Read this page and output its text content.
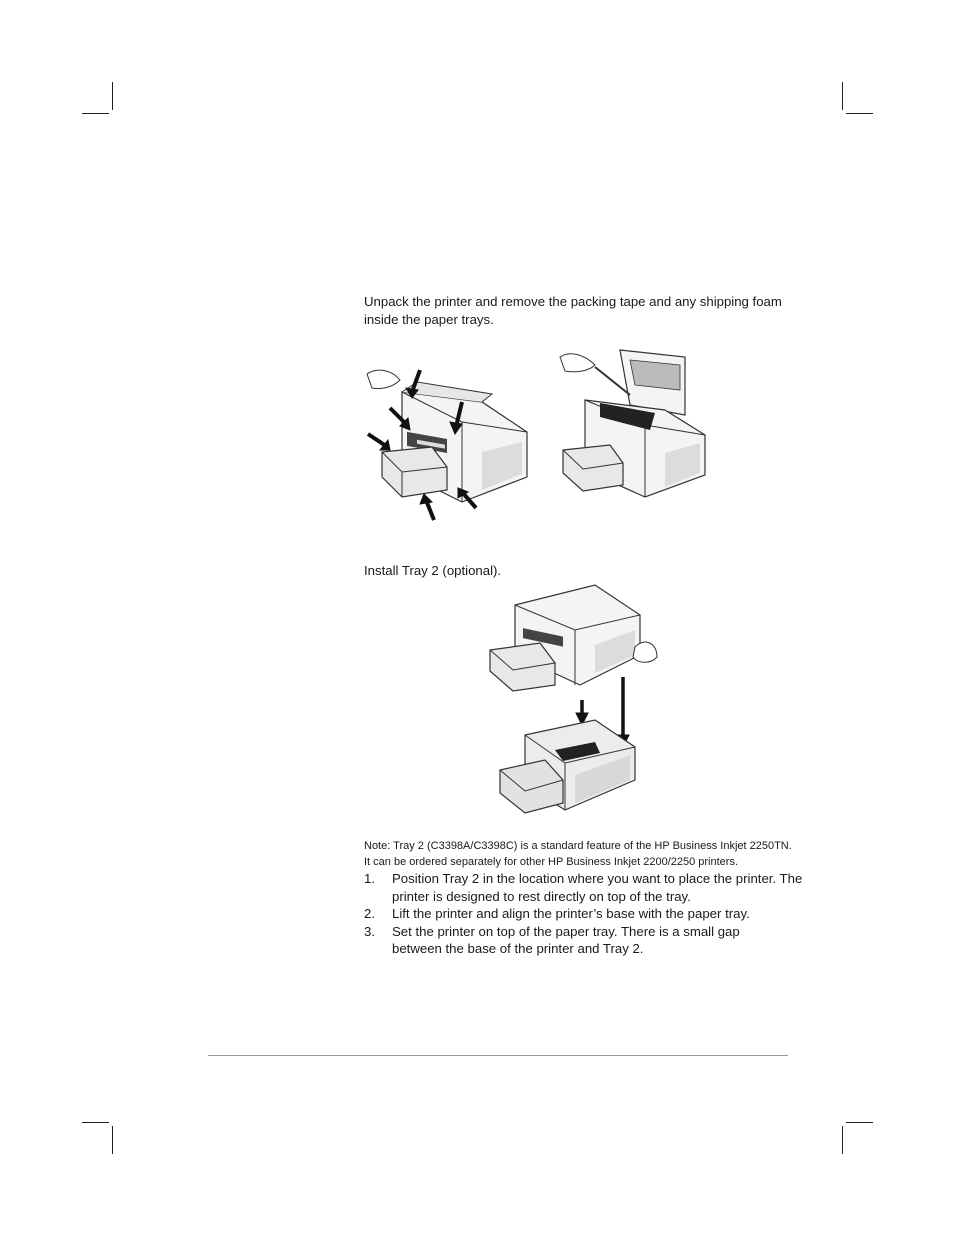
Unpack the printer and remove the packing tape and any shipping foam inside the paper trays.
Install Tray 2 (optional).
Note: Tray 2 (C3398A/C3398C) is a standard feature of the HP Business Inkjet 2250TN.
It can be ordered separately for other HP Business Inkjet 2200/2250 printers.
1. Position Tray 2 in the location where you want to place the printer. The printer is designed to rest directly on top of the tray.
2. Lift the printer and align the printer’s base with the paper tray.
3. Set the printer on top of the paper tray. There is a small gap between the base of the printer and Tray 2.
